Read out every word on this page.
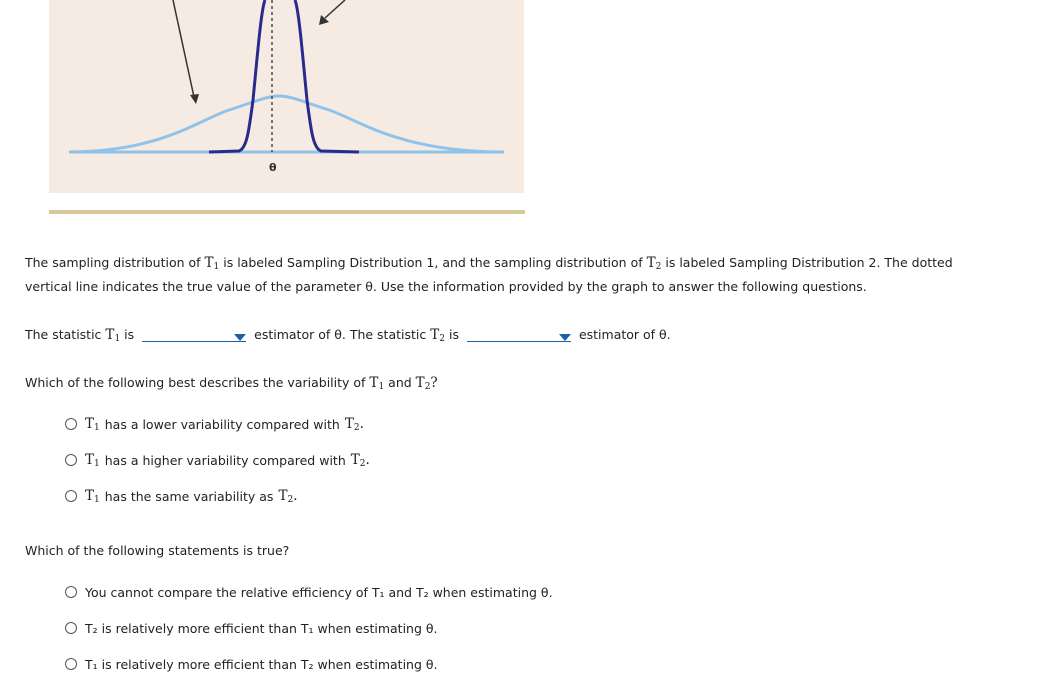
θ
The sampling distribution of T1 is labeled Sampling Distribution 1, and the sampling distribution of T2 is labeled Sampling Distribution 2. The dotted
vertical line indicates the true value of the parameter θ. Use the information provided by the graph to answer the following questions.
The statistic T1 is	estimator of θ. The statistic T2 is	estimator of θ.
Which of the following best describes the variability of T1 and T2?
T1 has a lower variability compared with T2.
T1 has a higher variability compared with T2.
T1 has the same variability as T2.
Which of the following statements is true?
You cannot compare the relative efficiency of T₁ and T₂ when estimating θ.
T₂ is relatively more efficient than T₁ when estimating θ.
T₁ is relatively more efficient than T₂ when estimating θ.
